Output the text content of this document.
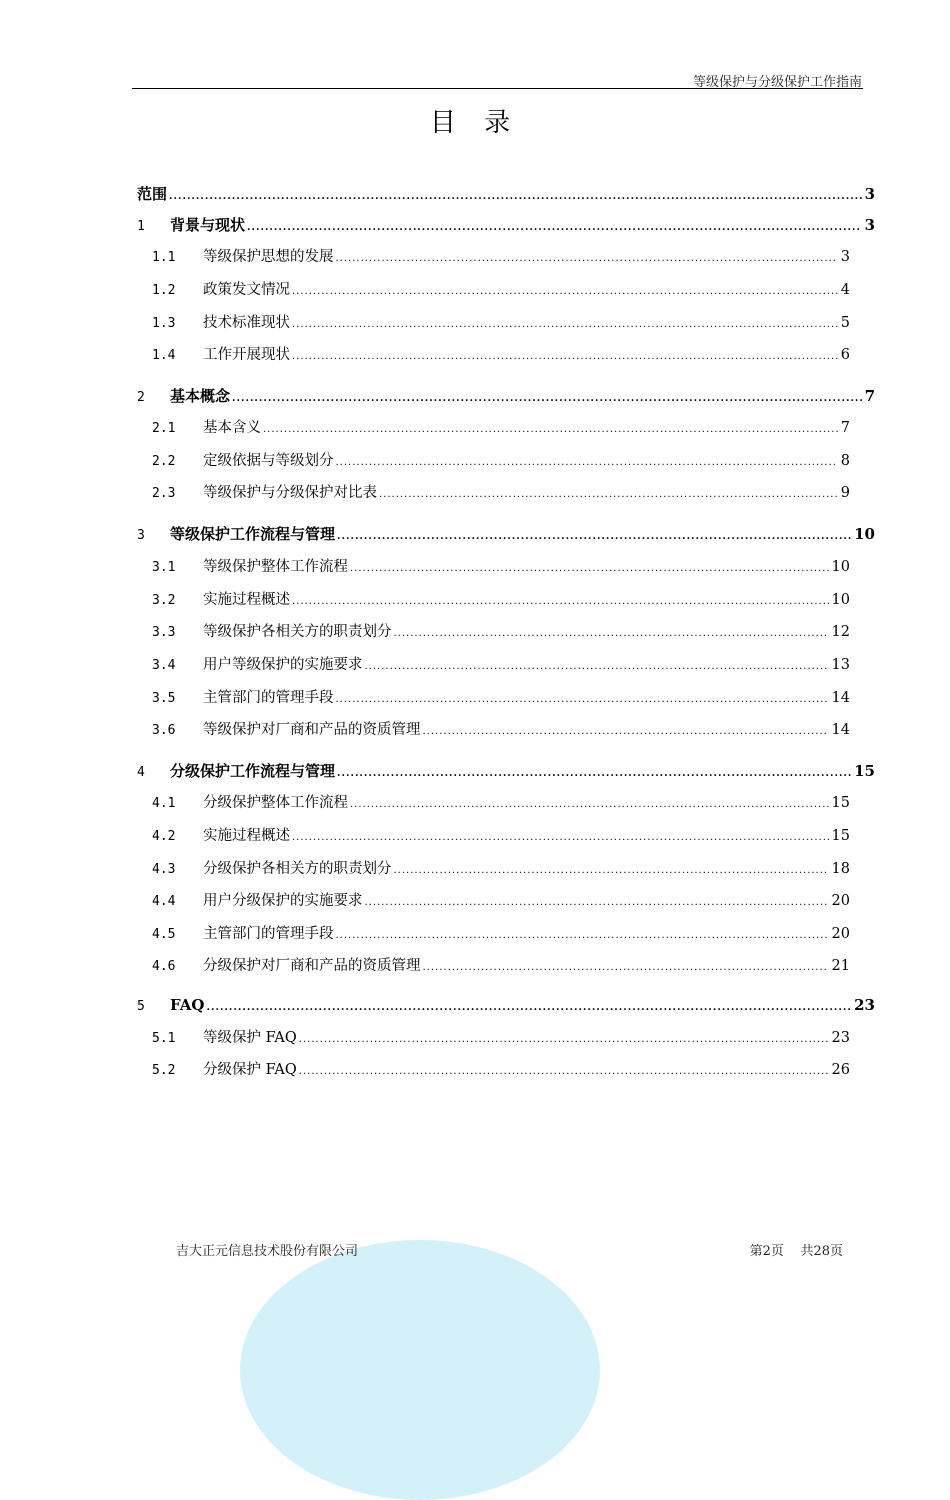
等级保护与分级保护工作指南
目 录
范围 .....	3
1	背景与现状 .....	3
1.1	等级保护思想的发展 .....	3
1.2	政策发文情况 .....	4
1.3	技术标准现状 .....	5
1.4	工作开展现状 .....	6
2	基本概念 .....	7
2.1	基本含义 .....	7
2.2	定级依据与等级划分 .....	8
2.3	等级保护与分级保护对比表 .....	9
3	等级保护工作流程与管理 .....	10
3.1	等级保护整体工作流程 .....	10
3.2	实施过程概述 .....	10
3.3	等级保护各相关方的职责划分 .....	12
3.4	用户等级保护的实施要求 .....	13
3.5	主管部门的管理手段 .....	14
3.6	等级保护对厂商和产品的资质管理 .....	14
4	分级保护工作流程与管理 .....	15
4.1	分级保护整体工作流程 .....	15
4.2	实施过程概述 .....	15
4.3	分级保护各相关方的职责划分 .....	18
4.4	用户分级保护的实施要求 .....	20
4.5	主管部门的管理手段 .....	20
4.6	分级保护对厂商和产品的资质管理 .....	21
5	FAQ .....	23
5.1	等级保护 FAQ .....	23
5.2	分级保护 FAQ .....	26
吉大正元信息技术股份有限公司	第2页    共28页
